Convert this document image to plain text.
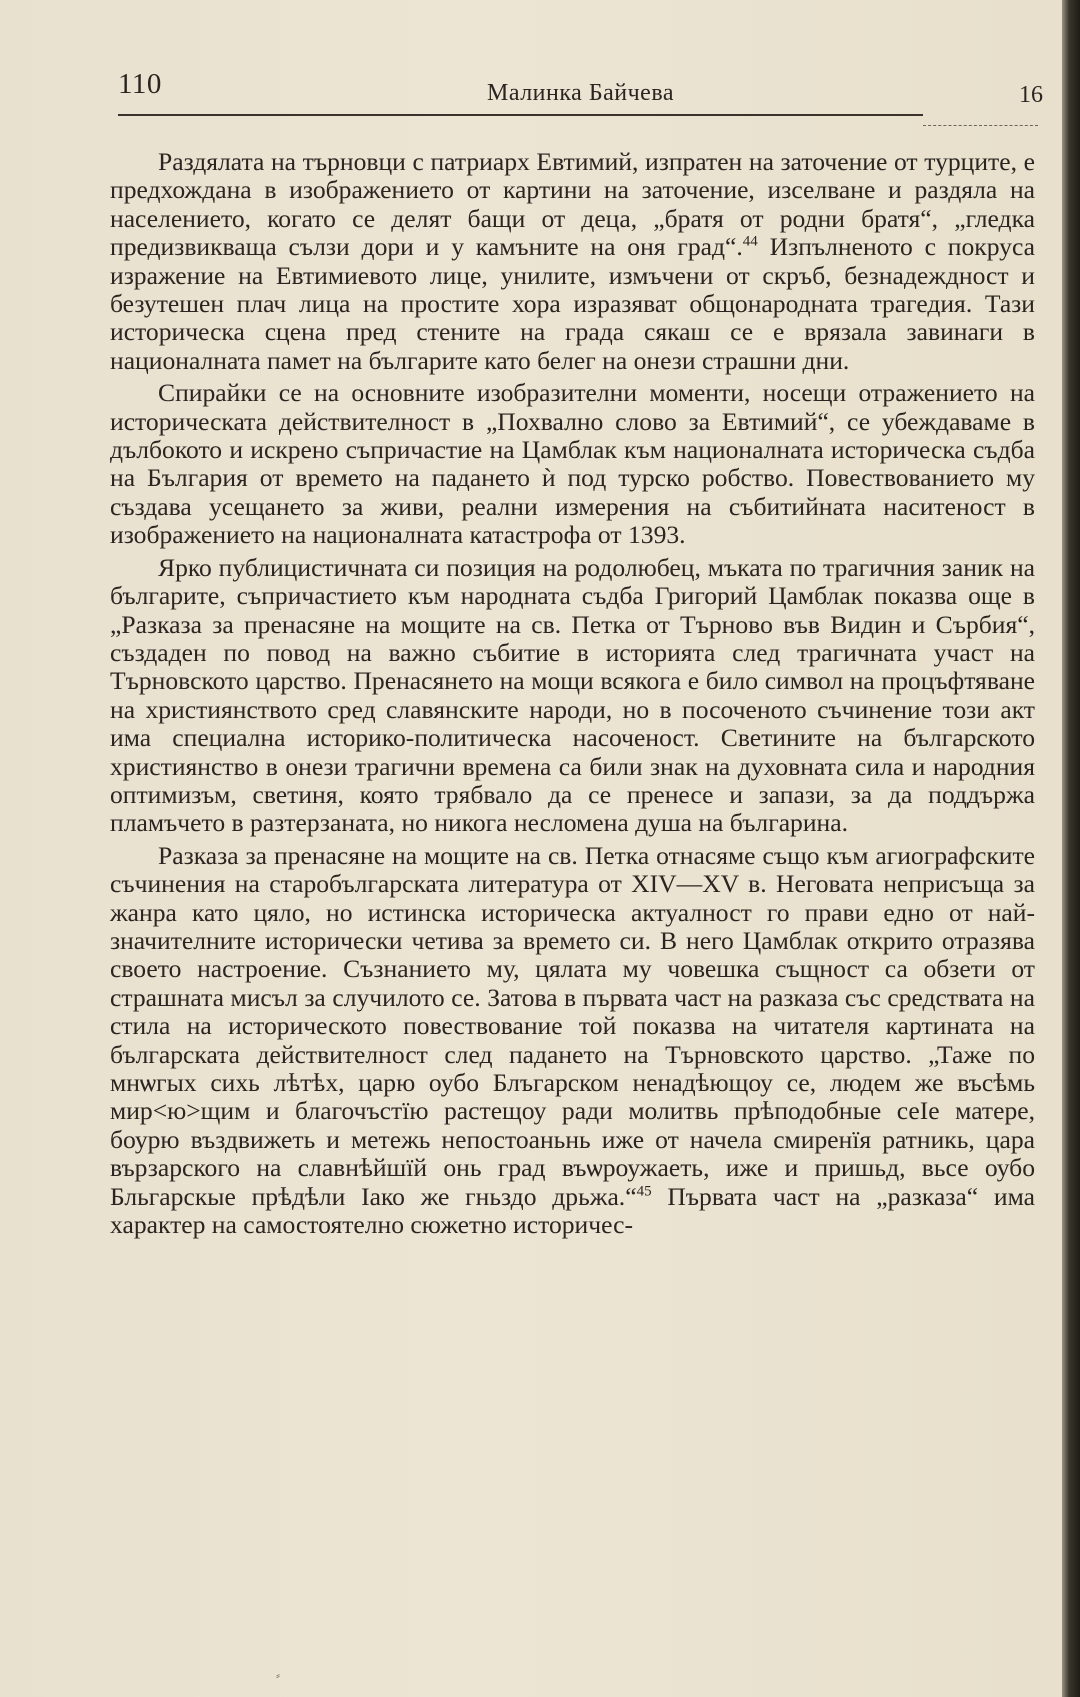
110	Малинка Байчева	16

Раздялата на търновци с патриарх Евтимий, изпратен на заточение от турците, е предхождана в изображението от картини на заточение, изселване и раздяла на населението, когато се делят бащи от деца, „братя от родни братя“, „гледка предизвикваща сълзи дори и у камъните на оня град“.$^{44}$ Изпълненото с покруса изражение на Евтимиевото лице, унилите, измъчени от скръб, безнадеждност и безутешен плач лица на простите хора изразяват общонародната трагедия. Тази историческа сцена пред стените на града сякаш се е врязала завинаги в националната памет на българите като белег на онези страшни дни.

Спирайки се на основните изобразителни моменти, носещи отражението на историческата действителност в „Похвално слово за Евтимий“, се убеждаваме в дълбокото и искрено съпричастие на Цамблак към националната историческа съдба на България от времето на падането ѝ под турско робство. Повествованието му създава усещането за живи, реални измерения на събитийната наситеност в изображението на националната катастрофа от 1393.

Ярко публицистичната си позиция на родолюбец, мъката по трагичния заник на българите, съпричастието към народната съдба Григорий Цамблак показва още в „Разказа за пренасяне на мощите на св. Петка от Търново във Видин и Сърбия“, създаден по повод на важно събитие в историята след трагичната участ на Търновското царство. Пренасянето на мощи всякога е било символ на процъфтяване на християнството сред славянските народи, но в посоченото съчинение този акт има специална историко-политическа насоченост. Светините на българското християнство в онези трагични времена са били знак на духовната сила и народния оптимизъм, светиня, която трябвало да се пренесе и запази, за да поддържа пламъчето в разтерзаната, но никога несломена душа на българина.

Разказа за пренасяне на мощите на св. Петка отнасяме също към агиографските съчинения на старобългарската литература от XIV—XV в. Неговата неприсъща за жанра като цяло, но истинска историческа актуалност го прави едно от най-значителните исторически четива за времето си. В него Цамблак открито отразява своето настроение. Съзнанието му, цялата му човешка същност са обзети от страшната мисъл за случилото се. Затова в първата част на разказа със средствата на стила на историческото повествование той показва на читателя картината на българската действителност след падането на Търновското царство. „Таже по мнѡгых сихь лѣтѣх, царю оубо Блъгарском ненадѣющоу се, людем же въсѣмь мир<ю>щим и благочъстїю растещоу ради молитвь прѣподобные сеІе матере, боурю въздвижеть и метежь непостоаньнь иже от начела смиренїя ратникь, цара вързарского на славнѣйшїй онь град въѡроужаеть, иже и пришьд, вьсе оубо Бльгарскые прѣдѣли Іако же гньздо дрьжа.“$^{45}$ Първата част на „разказа“ има характер на самостоятелно сюжетно историчес-

⸗
